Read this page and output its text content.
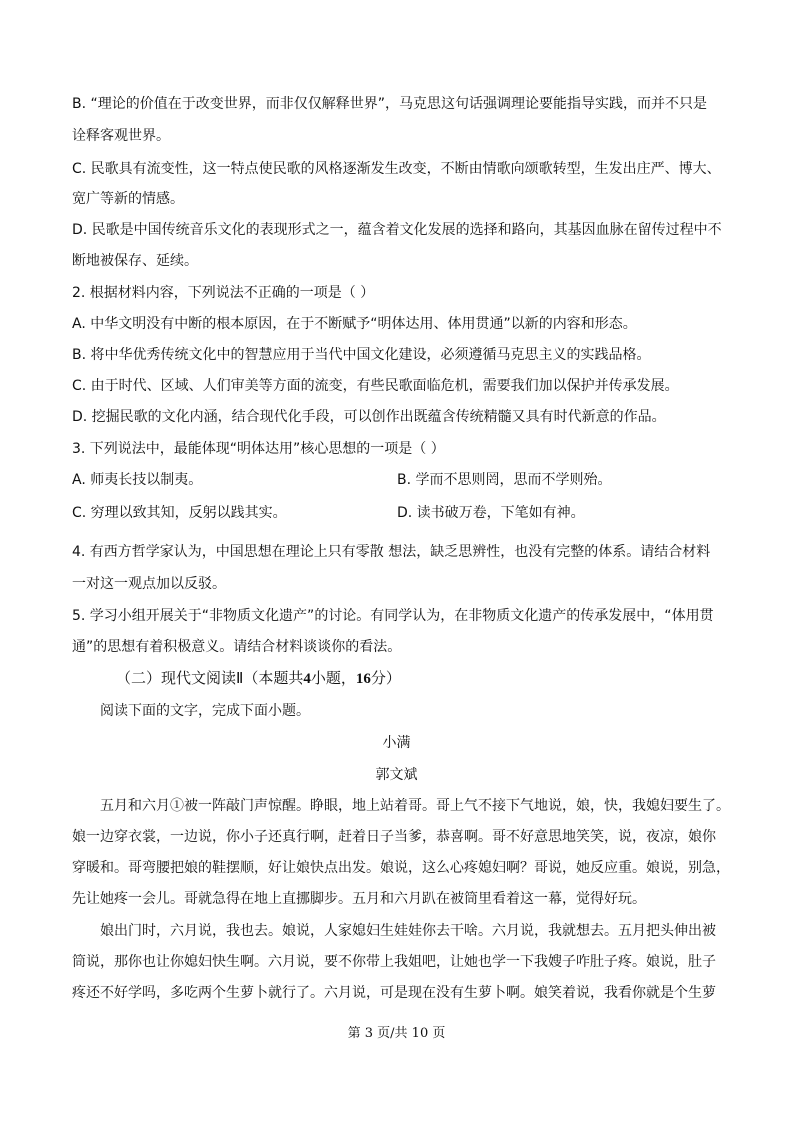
B. “理论的价值在于改变世界，而非仅仅解释世界”，马克思这句话强调理论要能指导实践，而并不只是
诠释客观世界。
C. 民歌具有流变性，这一特点使民歌的风格逐渐发生改变，不断由情歌向颂歌转型，生发出庄严、博大、
宽广等新的情感。
D. 民歌是中国传统音乐文化的表现形式之一，蕴含着文化发展的选择和路向，其基因血脉在留传过程中不
断地被保存、延续。
2. 根据材料内容，下列说法不正确的一项是（ ）
A. 中华文明没有中断的根本原因，在于不断赋予“明体达用、体用贯通”以新的内容和形态。
B. 将中华优秀传统文化中的智慧应用于当代中国文化建设，必须遵循马克思主义的实践品格。
C. 由于时代、区域、人们审美等方面的流变，有些民歌面临危机，需要我们加以保护并传承发展。
D. 挖掘民歌的文化内涵，结合现代化手段，可以创作出既蕴含传统精髓又具有时代新意的作品。
3. 下列说法中，最能体现“明体达用”核心思想的一项是（ ）
A. 师夷长技以制夷。	B. 学而不思则罔，思而不学则殆。
C. 穷理以致其知，反躬以践其实。	D. 读书破万卷，下笔如有神。
4. 有西方哲学家认为，中国思想在理论上只有零散 想法，缺乏思辨性，也没有完整的体系。请结合材料
一对这一观点加以反驳。
5. 学习小组开展关于“非物质文化遗产”的讨论。有同学认为，在非物质文化遗产的传承发展中，“体用贯
通”的思想有着积极意义。请结合材料谈谈你的看法。
（二）现代文阅读Ⅱ（本题共4小题，16分）
阅读下面的文字，完成下面小题。
小满
郭文斌
五月和六月①被一阵敲门声惊醒。睁眼，地上站着哥。哥上气不接下气地说，娘，快，我媳妇要生了。
娘一边穿衣裳，一边说，你小子还真行啊，赶着日子当爹，恭喜啊。哥不好意思地笑笑，说，夜凉，娘你
穿暖和。哥弯腰把娘的鞋摆顺，好让娘快点出发。娘说，这么心疼媳妇啊？哥说，她反应重。娘说，别急，
先让她疼一会儿。哥就急得在地上直挪脚步。五月和六月趴在被筒里看着这一幕，觉得好玩。
娘出门时，六月说，我也去。娘说，人家媳妇生娃娃你去干啥。六月说，我就想去。五月把头伸出被
筒说，那你也让你媳妇快生啊。六月说，要不你带上我姐吧，让她也学一下我嫂子咋肚子疼。娘说，肚子
疼还不好学吗，多吃两个生萝卜就行了。六月说，可是现在没有生萝卜啊。娘笑着说，我看你就是个生萝
第 3 页/共 10 页
